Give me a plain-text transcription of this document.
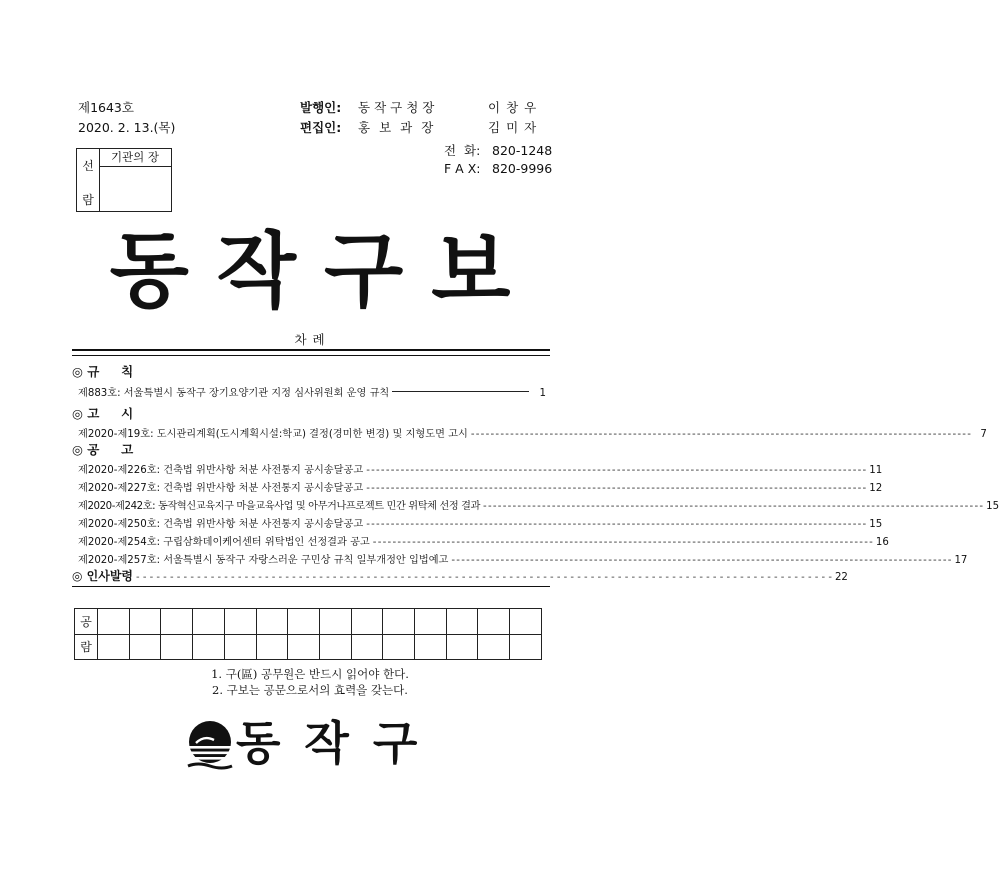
제1643호
2020. 2. 13.(목)
발행인: 동작구청장	이창우
편집인: 홍보과장	김미자
전  화: 820-1248
F A X: 820-9996
선
람
기관의 장
동작구보
차 례
◎ 규     칙
제883호: 서울특별시 동작구 장기요양기관 지정 심사위원회 운영 규칙	1
◎ 고     시
제2020-제19호: 도시관리계획(도시계획시설:학교) 결정(경미한 변경) 및 지형도면 고시 - - -	7
◎ 공     고
제2020-제226호: 건축법 위반사항 처분 사전통지 공시송달공고 - - -	11
제2020-제227호: 건축법 위반사항 처분 사전통지 공시송달공고 - - -	12
제2020-제242호: 동작혁신교육지구 마을교육사업 및 아무거나프로젝트 민간 위탁체 선정 결과 - - -	15
제2020-제250호: 건축법 위반사항 처분 사전통지 공시송달공고 - - -	15
제2020-제254호: 구립삼화데이케어센터 위탁법인 선정결과 공고 - - -	16
제2020-제257호: 서울특별시 동작구 자랑스러운 구민상 규칙 일부개정안 입법예고 - - -	17
◎ 인사발령 - - - - - - - - - - - - - - - - - - - - - - - - - - - - - - - - - - - - - - - - - - - - - - - - - - - - - - - - - - - - - - - - - - - - - - - - - - - - - - - - - - - - - - - - - - - - - - - - - - - - - - - 22
공														
람														
1. 구(區) 공무원은 반드시 읽어야 한다.
2. 구보는 공문으로서의 효력을 갖는다.
동작구
